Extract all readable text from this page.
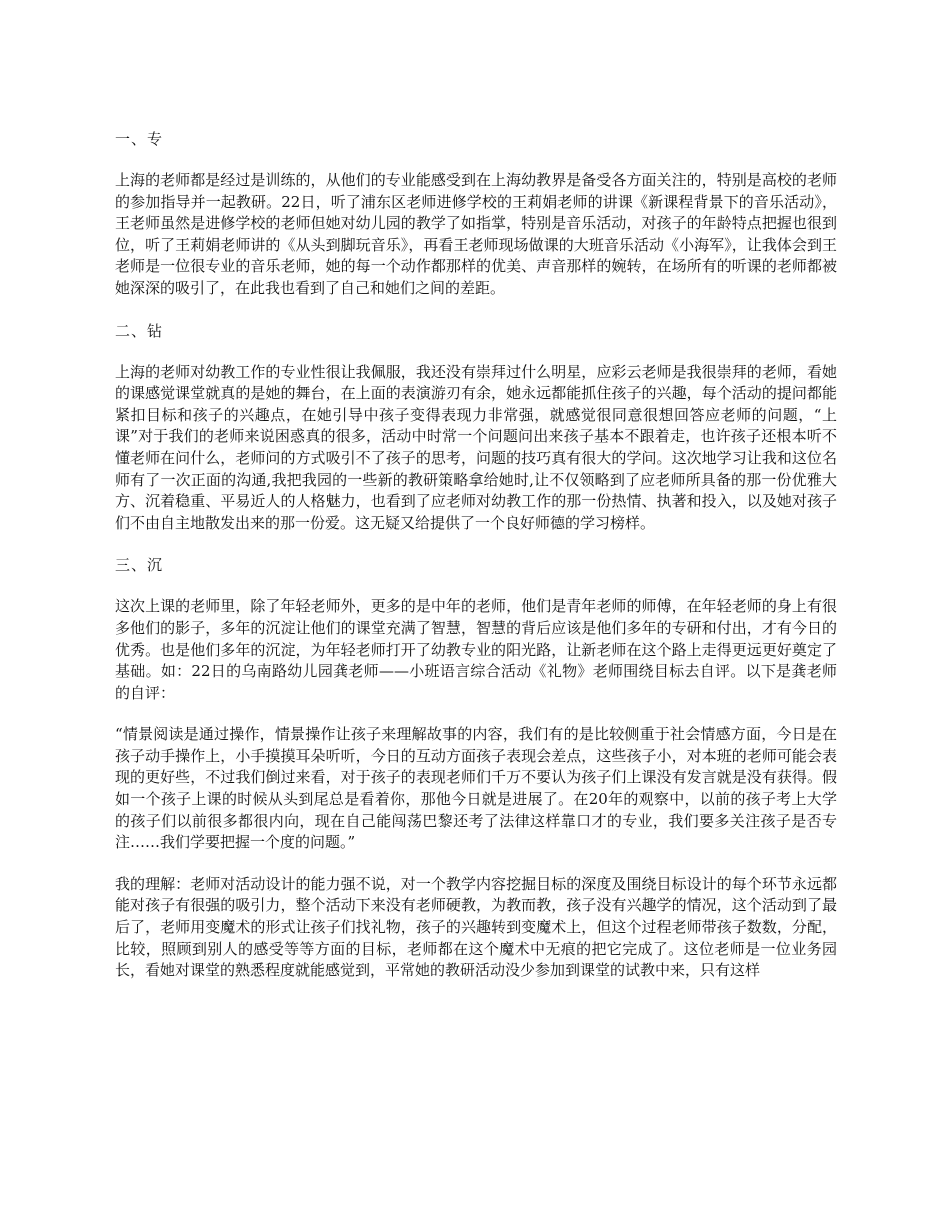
一、专

上海的老师都是经过是训练的，从他们的专业能感受到在上海幼教界是备受各方面关注的，特别是高校的老师的参加指导并一起教研。22日，听了浦东区老师进修学校的王莉娟老师的讲课《新课程背景下的音乐活动》，王老师虽然是进修学校的老师但她对幼儿园的教学了如指掌，特别是音乐活动，对孩子的年龄特点把握也很到位，听了王莉娟老师讲的《从头到脚玩音乐》，再看王老师现场做课的大班音乐活动《小海军》，让我体会到王老师是一位很专业的音乐老师，她的每一个动作都那样的优美、声音那样的婉转，在场所有的听课的老师都被她深深的吸引了，在此我也看到了自己和她们之间的差距。

二、钻

上海的老师对幼教工作的专业性很让我佩服，我还没有崇拜过什么明星，应彩云老师是我很崇拜的老师，看她的课感觉课堂就真的是她的舞台，在上面的表演游刃有余，她永远都能抓住孩子的兴趣，每个活动的提问都能紧扣目标和孩子的兴趣点，在她引导中孩子变得表现力非常强，就感觉很同意很想回答应老师的问题，“上课”对于我们的老师来说困惑真的很多，活动中时常一个问题问出来孩子基本不跟着走，也许孩子还根本听不懂老师在问什么，老师问的方式吸引不了孩子的思考，问题的技巧真有很大的学问。这次地学习让我和这位名师有了一次正面的沟通,我把我园的一些新的教研策略拿给她时,让不仅领略到了应老师所具备的那一份优雅大方、沉着稳重、平易近人的人格魅力，也看到了应老师对幼教工作的那一份热情、执著和投入，以及她对孩子们不由自主地散发出来的那一份爱。这无疑又给提供了一个良好师德的学习榜样。

三、沉

这次上课的老师里，除了年轻老师外，更多的是中年的老师，他们是青年老师的师傅，在年轻老师的身上有很多他们的影子，多年的沉淀让他们的课堂充满了智慧，智慧的背后应该是他们多年的专研和付出，才有今日的优秀。也是他们多年的沉淀，为年轻老师打开了幼教专业的阳光路，让新老师在这个路上走得更远更好奠定了基础。如：22日的乌南路幼儿园龚老师——小班语言综合活动《礼物》老师围绕目标去自评。以下是龚老师的自评：

“情景阅读是通过操作，情景操作让孩子来理解故事的内容，我们有的是比较侧重于社会情感方面，今日是在孩子动手操作上，小手摸摸耳朵听听，今日的互动方面孩子表现会差点，这些孩子小，对本班的老师可能会表现的更好些，不过我们倒过来看，对于孩子的表现老师们千万不要认为孩子们上课没有发言就是没有获得。假如一个孩子上课的时候从头到尾总是看着你，那他今日就是进展了。在20年的观察中，以前的孩子考上大学的孩子们以前很多都很内向，现在自己能闯荡巴黎还考了法律这样靠口才的专业，我们要多关注孩子是否专注……我们学要把握一个度的问题。”

我的理解：老师对活动设计的能力强不说，对一个教学内容挖掘目标的深度及围绕目标设计的每个环节永远都能对孩子有很强的吸引力，整个活动下来没有老师硬教，为教而教，孩子没有兴趣学的情况，这个活动到了最后了，老师用变魔术的形式让孩子们找礼物，孩子的兴趣转到变魔术上，但这个过程老师带孩子数数，分配，比较，照顾到别人的感受等等方面的目标，老师都在这个魔术中无痕的把它完成了。这位老师是一位业务园长，看她对课堂的熟悉程度就能感觉到，平常她的教研活动没少参加到课堂的试教中来，只有这样
